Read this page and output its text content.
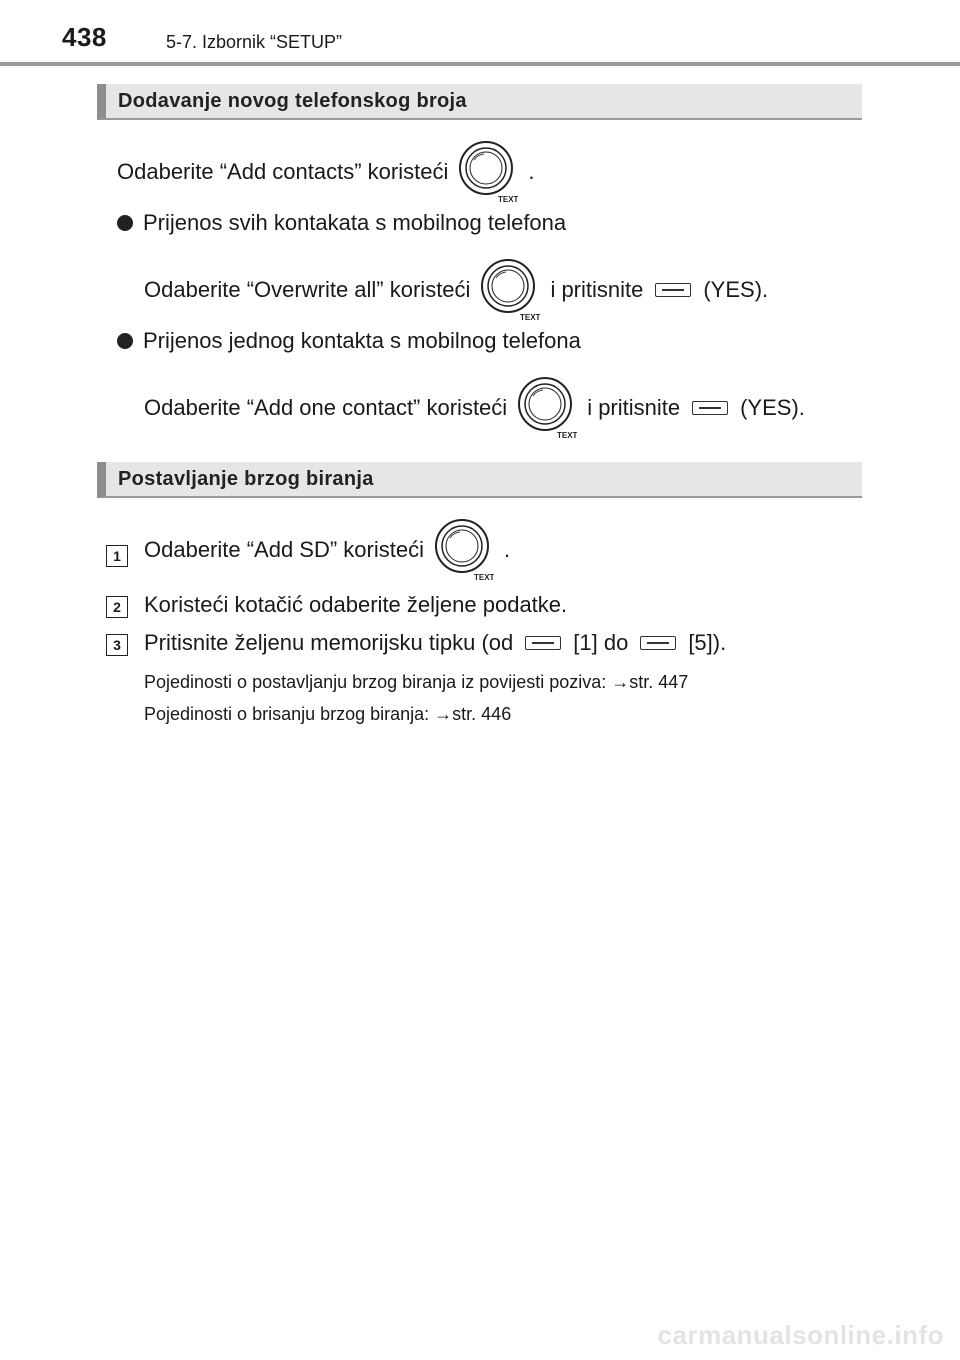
438	5-7. Izbornik “SETUP”
Dodavanje novog telefonskog broja
Odaberite “Add contacts” koristeći
TEXT
.
Prijenos svih kontakata s mobilnog telefona
Odaberite “Overwrite all” koristeći
TEXT
i pritisnite	(YES).
Prijenos jednog kontakta s mobilnog telefona
Odaberite “Add one contact” koristeći
TEXT
i pritisnite	(YES).
Postavljanje brzog biranja
1	Odaberite “Add SD” koristeći
TEXT
.
2	Koristeći kotačić odaberite željene podatke.
3	Pritisnite željenu memorijsku tipku (od	[1] do	[5]).
Pojedinosti o postavljanju brzog biranja iz povijesti poziva: →str. 447
Pojedinosti o brisanju brzog biranja: →str. 446
carmanualsonline.info
